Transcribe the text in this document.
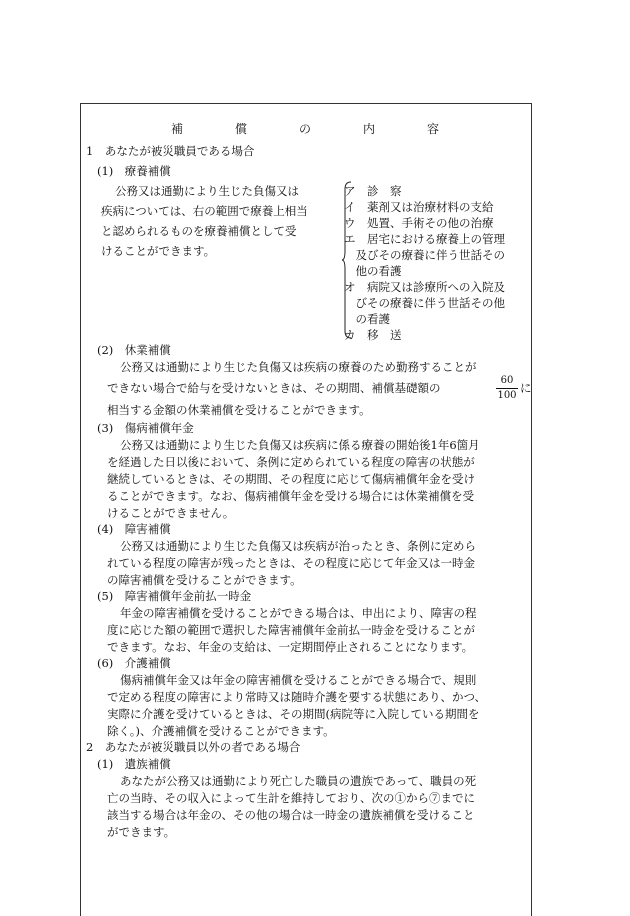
補　償　の　内　容
1　あなたが被災職員である場合
(1)　療養補償
公務又は通勤により生じた負傷又は
疾病については、右の範囲で療養上相当
と認められるものを療養補償として受
けることができます。
ア　診　察
イ　薬剤又は治療材料の支給
ウ　処置、手術その他の治療
エ　居宅における療養上の管理
　及びその療養に伴う世話その
　他の看護
オ　病院又は診療所への入院及
　びその療養に伴う世話その他
　の看護
カ　移　送
(2)　休業補償
公務又は通勤により生じた負傷又は疾病の療養のため勤務することが
できない場合で給与を受けないときは、その期間、補償基礎額の
60
100
に
相当する金額の休業補償を受けることができます。
(3)　傷病補償年金
公務又は通勤により生じた負傷又は疾病に係る療養の開始後1年6箇月
を経過した日以後において、条例に定められている程度の障害の状態が
継続しているときは、その期間、その程度に応じて傷病補償年金を受け
ることができます。なお、傷病補償年金を受ける場合には休業補償を受
けることができません。
(4)　障害補償
公務又は通勤により生じた負傷又は疾病が治ったとき、条例に定めら
れている程度の障害が残ったときは、その程度に応じて年金又は一時金
の障害補償を受けることができます。
(5)　障害補償年金前払一時金
年金の障害補償を受けることができる場合は、申出により、障害の程
度に応じた額の範囲で選択した障害補償年金前払一時金を受けることが
できます。なお、年金の支給は、一定期間停止されることになります。
(6)　介護補償
傷病補償年金又は年金の障害補償を受けることができる場合で、規則
で定める程度の障害により常時又は随時介護を要する状態にあり、かつ、
実際に介護を受けているときは、その期間(病院等に入院している期間を
除く。)、介護補償を受けることができます。
2　あなたが被災職員以外の者である場合
(1)　遺族補償
あなたが公務又は通勤により死亡した職員の遺族であって、職員の死
亡の当時、その収入によって生計を維持しており、次の①から⑦までに
該当する場合は年金の、その他の場合は一時金の遺族補償を受けること
ができます。
